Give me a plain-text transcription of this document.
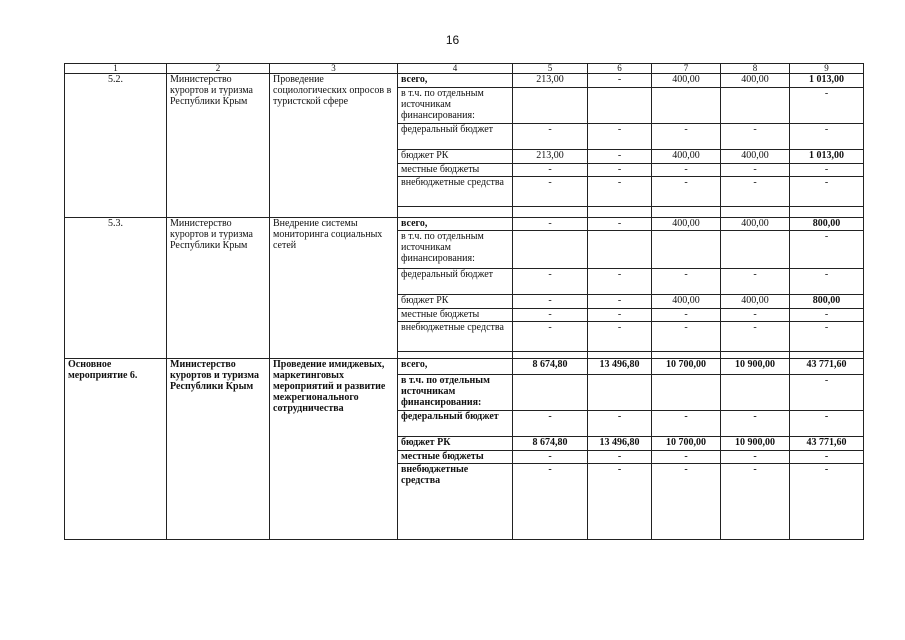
16
1	2	3	4	5	6	7	8	9
5.2.	Министерство курортов и туризма Республики Крым	Проведение социологических опросов в туристской сфере	всего,	213,00	-	400,00	400,00	1 013,00
			в т.ч. по отдельным источникам финансирования:					-
			федеральный бюджет	-	-	-	-	-
			бюджет РК	213,00	-	400,00	400,00	1 013,00
			местные бюджеты	-	-	-	-	-
			внебюджетные средства	-	-	-	-	-

5.3.	Министерство курортов и туризма Республики Крым	Внедрение системы мониторинга социальных сетей	всего,	-	-	400,00	400,00	800,00
			в т.ч. по отдельным источникам финансирования:					-
			федеральный бюджет	-	-	-	-	-
			бюджет РК	-	-	400,00	400,00	800,00
			местные бюджеты	-	-	-	-	-
			внебюджетные средства	-	-	-	-	-

Основное мероприятие 6.	Министерство курортов и туризма Республики Крым	Проведение имиджевых, маркетинговых мероприятий и развитие межрегионального сотрудничества	всего,	8 674,80	13 496,80	10 700,00	10 900,00	43 771,60
			в т.ч. по отдельным источникам финансирования:					-
			федеральный бюджет	-	-	-	-	-
			бюджет РК	8 674,80	13 496,80	10 700,00	10 900,00	43 771,60
			местные бюджеты	-	-	-	-	-
			внебюджетные средства	-	-	-	-	-
